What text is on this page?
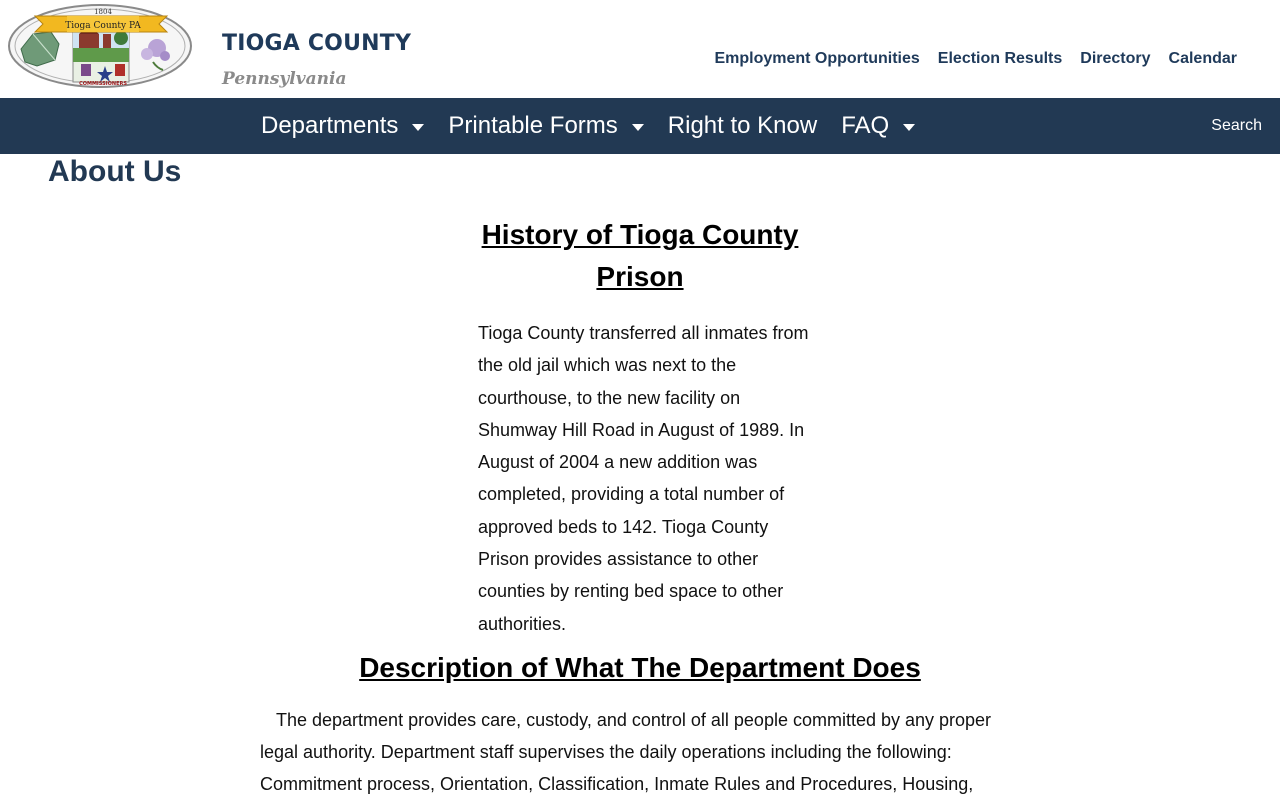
Tioga County PA
1804
COMMISSIONERS
TIOGA COUNTY
Pennsylvania
Employment Opportunities Election Results Directory Calendar
Departments Printable Forms Right to Know FAQ	Search
About Us
History of Tioga County Prison

Tioga County transferred all inmates from the old jail which was next to the courthouse, to the new facility on Shumway Hill Road in August of 1989. In August of 2004 a new addition was completed, providing a total number of approved beds to 142. Tioga County Prison provides assistance to other counties by renting bed space to other authorities.

Description of What The Department Does

The department provides care, custody, and control of all people committed by any proper legal authority. Department staff supervises the daily operations including the following: Commitment process, Orientation, Classification, Inmate Rules and Procedures, Housing,
